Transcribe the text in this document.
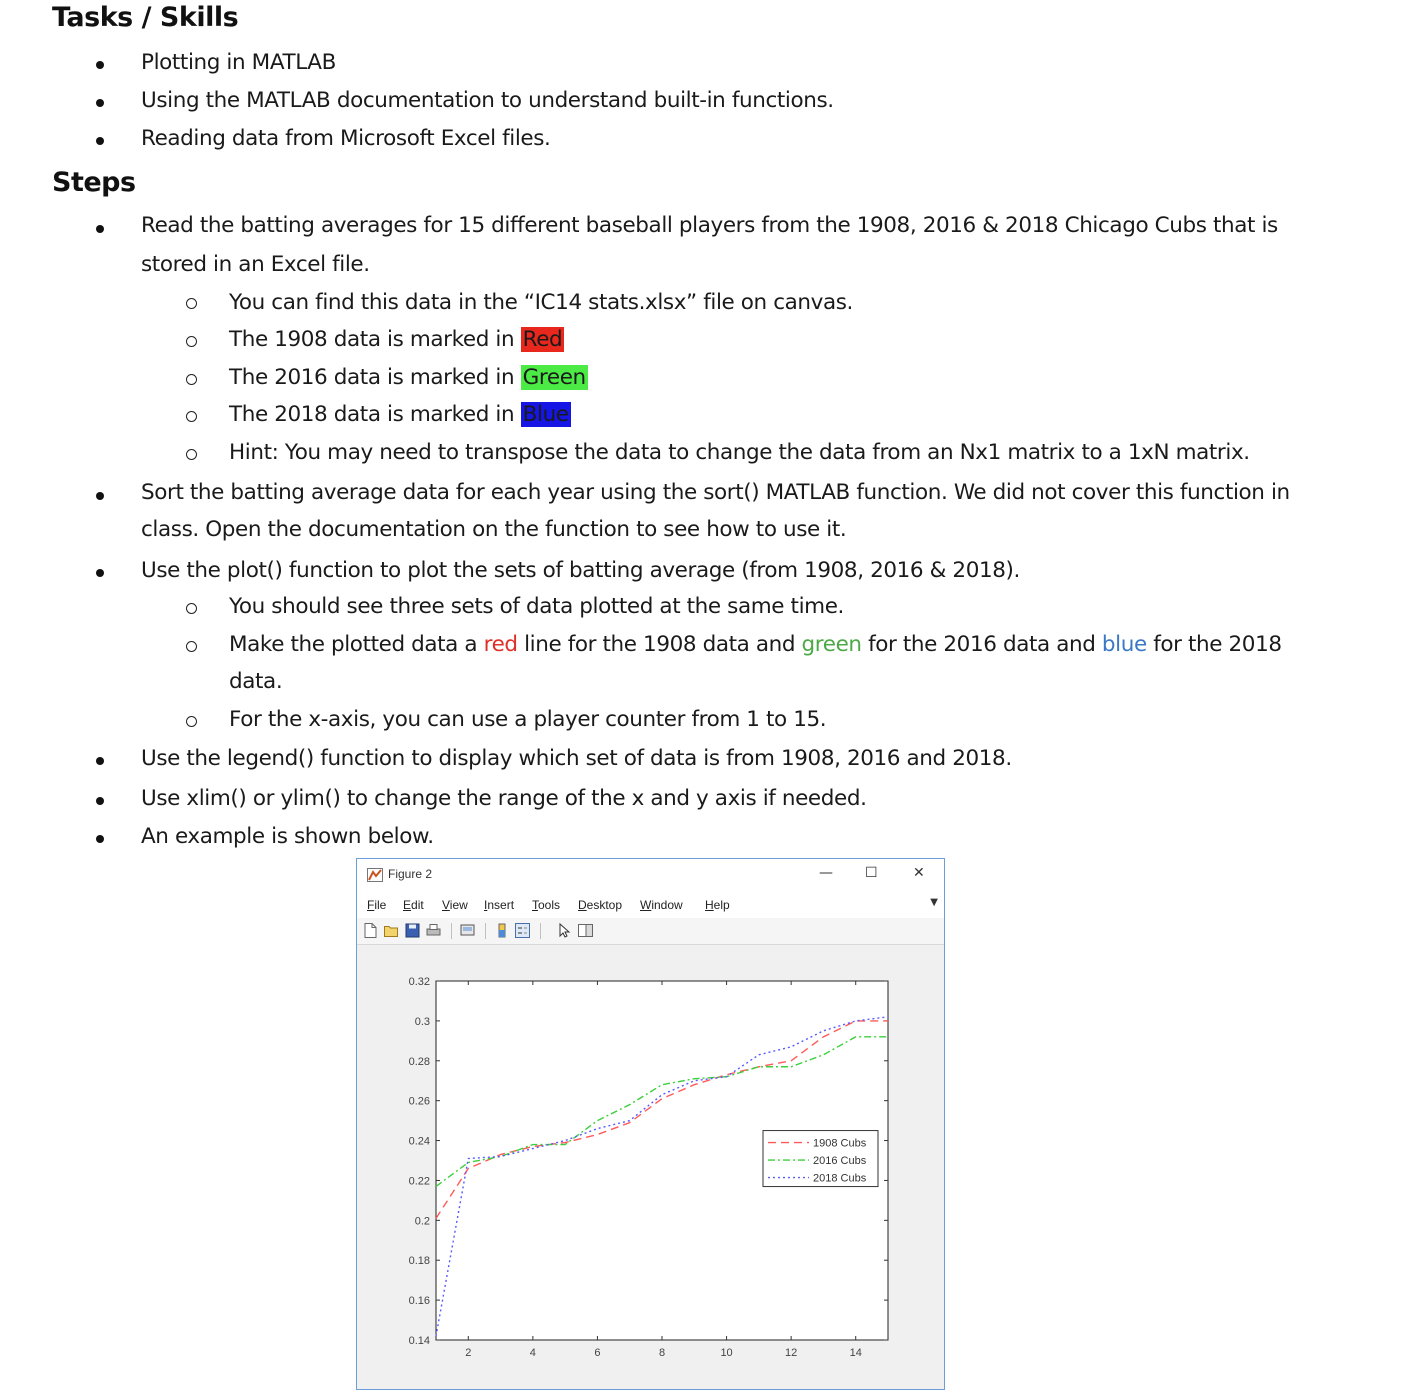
Tasks / Skills
Plotting in MATLAB
Using the MATLAB documentation to understand built-in functions.
Reading data from Microsoft Excel files.
Steps
Read the batting averages for 15 different baseball players from the 1908, 2016 & 2018 Chicago Cubs that is
stored in an Excel file.
You can find this data in the “IC14 stats.xlsx” file on canvas.
The 1908 data is marked in Red
The 2016 data is marked in Green
The 2018 data is marked in Blue
Hint: You may need to transpose the data to change the data from an Nx1 matrix to a 1xN matrix.
Sort the batting average data for each year using the sort() MATLAB function. We did not cover this function in
class. Open the documentation on the function to see how to use it.
Use the plot() function to plot the sets of batting average (from 1908, 2016 & 2018).
You should see three sets of data plotted at the same time.
Make the plotted data a red line for the 1908 data and green for the 2016 data and blue for the 2018
data.
For the x-axis, you can use a player counter from 1 to 15.
Use the legend() function to display which set of data is from 1908, 2016 and 2018.
Use xlim() or ylim() to change the range of the x and y axis if needed.
An example is shown below.
Figure 2	— ☐	✕
File Edit View Insert Tools Desktop Window Help	▼
2	4	6	8	10	12	14
0.14
0.16
0.18
0.2
0.22
0.24
0.26
0.28
0.3
0.32
1908 Cubs
2016 Cubs
2018 Cubs
